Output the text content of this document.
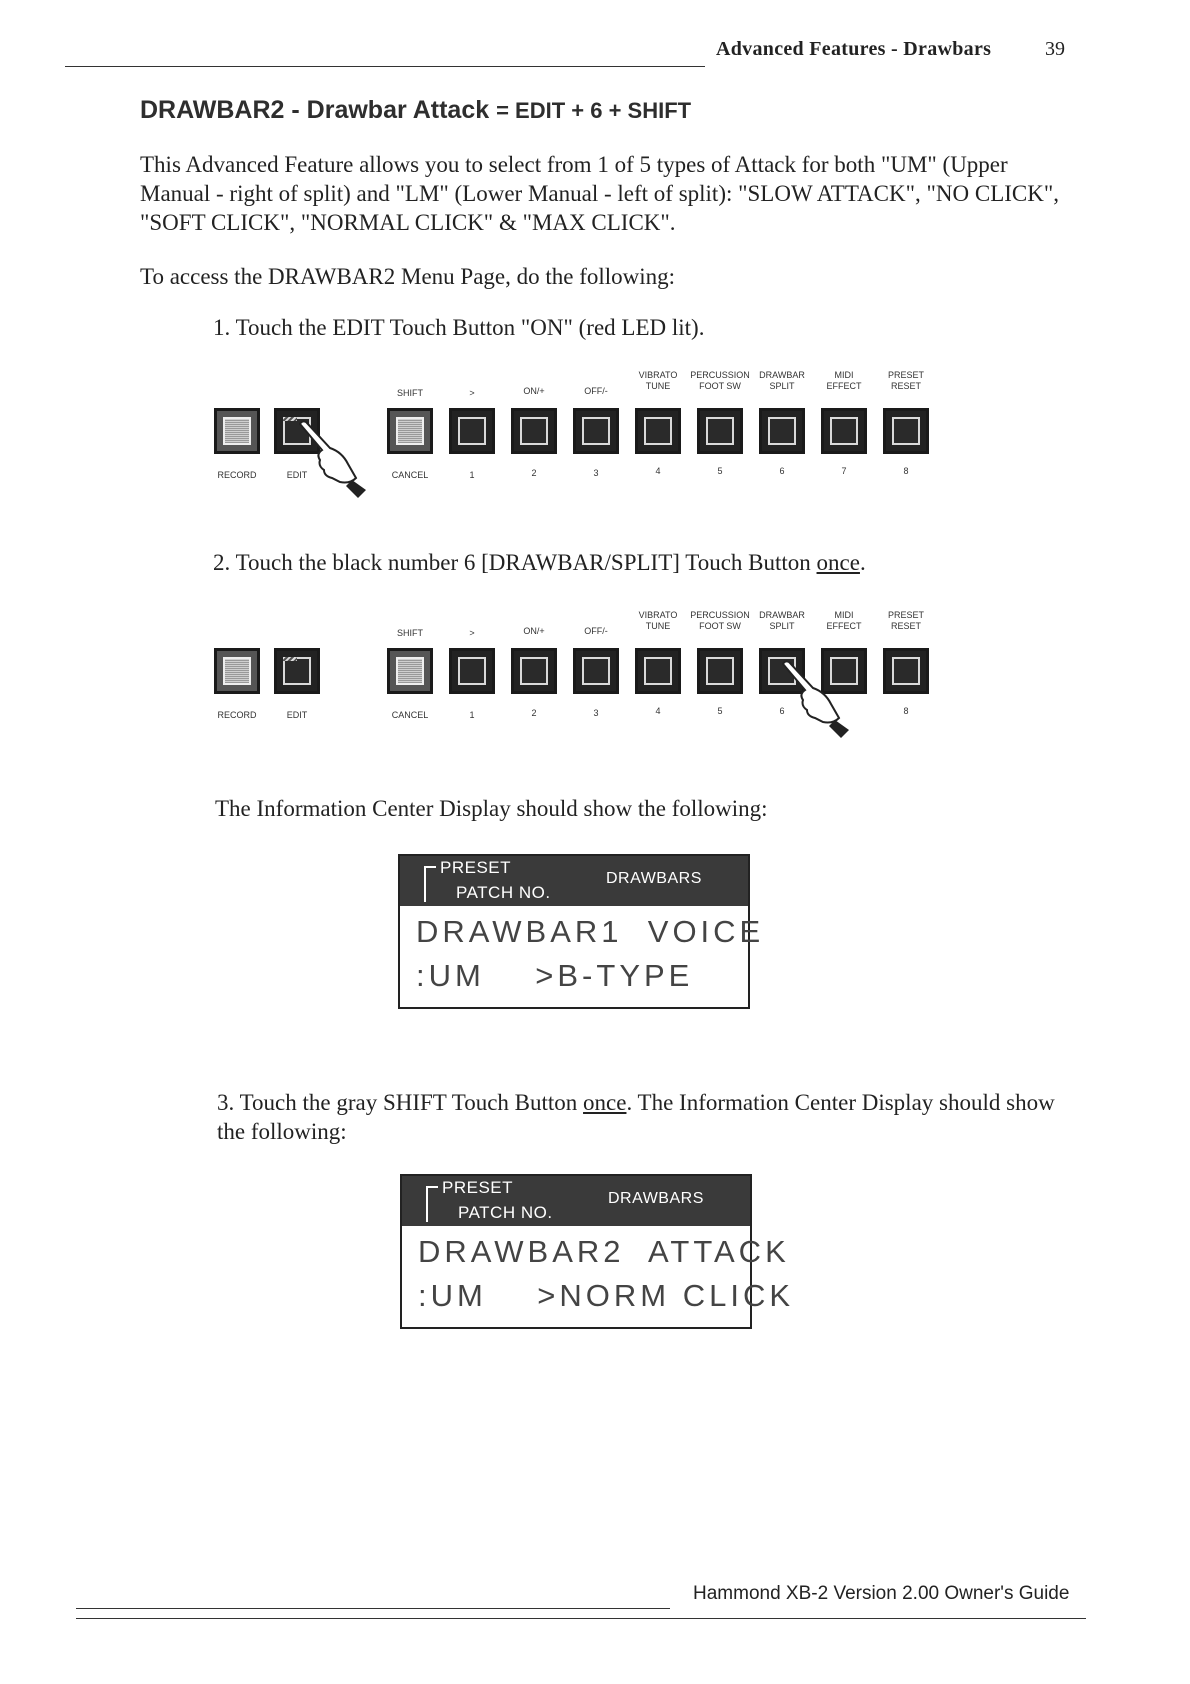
Advanced Features - Drawbars	39
DRAWBAR2 - Drawbar Attack = EDIT + 6 + SHIFT
This Advanced Feature allows you to select from 1 of 5 types of Attack for both "UM" (Upper Manual - right of split) and "LM" (Lower Manual - left of split): "SLOW ATTACK", "NO CLICK", "SOFT CLICK", "NORMAL CLICK" & "MAX CLICK".
To access the DRAWBAR2 Menu Page, do the following:
1. Touch the EDIT Touch Button "ON" (red LED lit).
SHIFT	>	ON/+	OFF/-
VIBRATO
TUNE
PERCUSSION
FOOT SW
DRAWBAR
SPLIT
MIDI
EFFECT
PRESET
RESET
RECORD	EDIT	CANCEL	1	2	3	4	5	6	7	8
2. Touch the black number 6 [DRAWBAR/SPLIT] Touch Button once.
SHIFT	>	ON/+	OFF/-
VIBRATO
TUNE
PERCUSSION
FOOT SW
DRAWBAR
SPLIT
MIDI
EFFECT
PRESET
RESET
RECORD	EDIT	CANCEL	1	2	3	4	5	6	8
The Information Center Display should show the following:
PRESET
PATCH NO.
DRAWBARS
DRAWBAR1  VOICE
:UM    >B-TYPE
3. Touch the gray SHIFT Touch Button once. The Information Center Display should show the following:
PRESET
PATCH NO.
DRAWBARS
DRAWBAR2  ATTACK
:UM    >NORM CLICK
Hammond XB-2 Version 2.00 Owner's Guide
